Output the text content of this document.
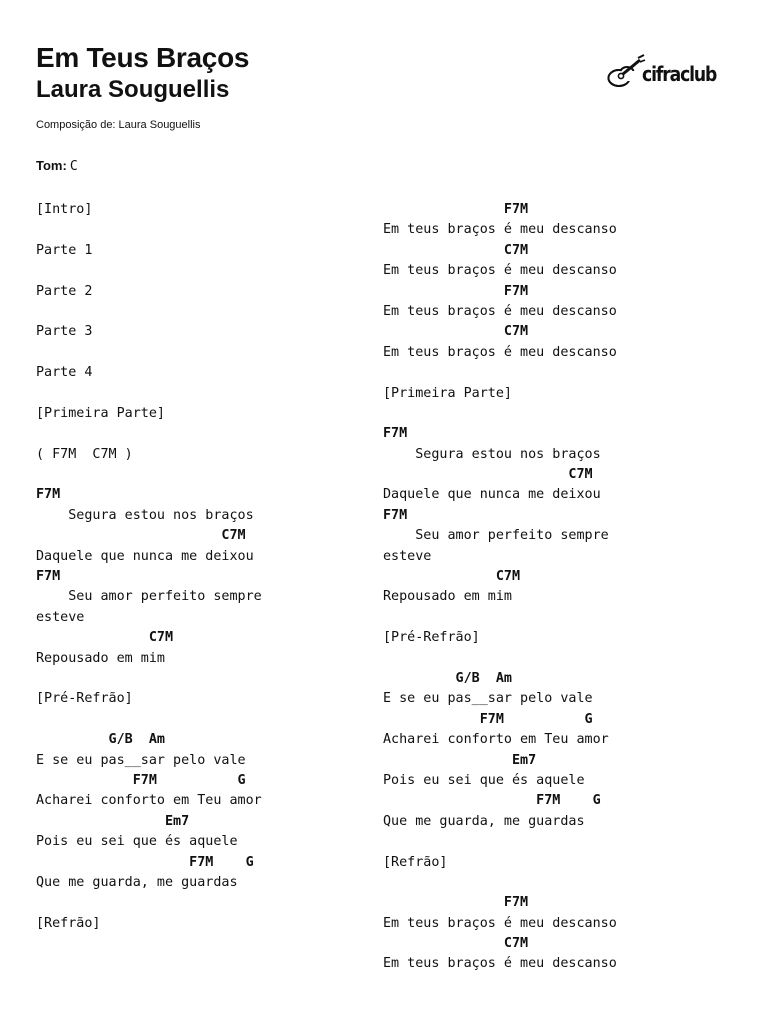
Em Teus Braços
Laura Souguellis
Composição de: Laura Souguellis
Tom: C
cifraclub
[Intro]
Parte 1
Parte 2
Parte 3
Parte 4
[Primeira Parte]
( F7M  C7M )
F7M
Segura estou nos braços
C7M
Daquele que nunca me deixou
F7M
Seu amor perfeito sempre
esteve
C7M
Repousado em mim
[Pré-Refrão]
G/B  Am
E se eu pas__sar pelo vale
F7M          G
Acharei conforto em Teu amor
Em7
Pois eu sei que és aquele
F7M    G
Que me guarda, me guardas
[Refrão]
F7M
Em teus braços é meu descanso
C7M
Em teus braços é meu descanso
F7M
Em teus braços é meu descanso
C7M
Em teus braços é meu descanso
[Primeira Parte]
F7M
Segura estou nos braços
C7M
Daquele que nunca me deixou
F7M
Seu amor perfeito sempre
esteve
C7M
Repousado em mim
[Pré-Refrão]
G/B  Am
E se eu pas__sar pelo vale
F7M          G
Acharei conforto em Teu amor
Em7
Pois eu sei que és aquele
F7M    G
Que me guarda, me guardas
[Refrão]
F7M
Em teus braços é meu descanso
C7M
Em teus braços é meu descanso
